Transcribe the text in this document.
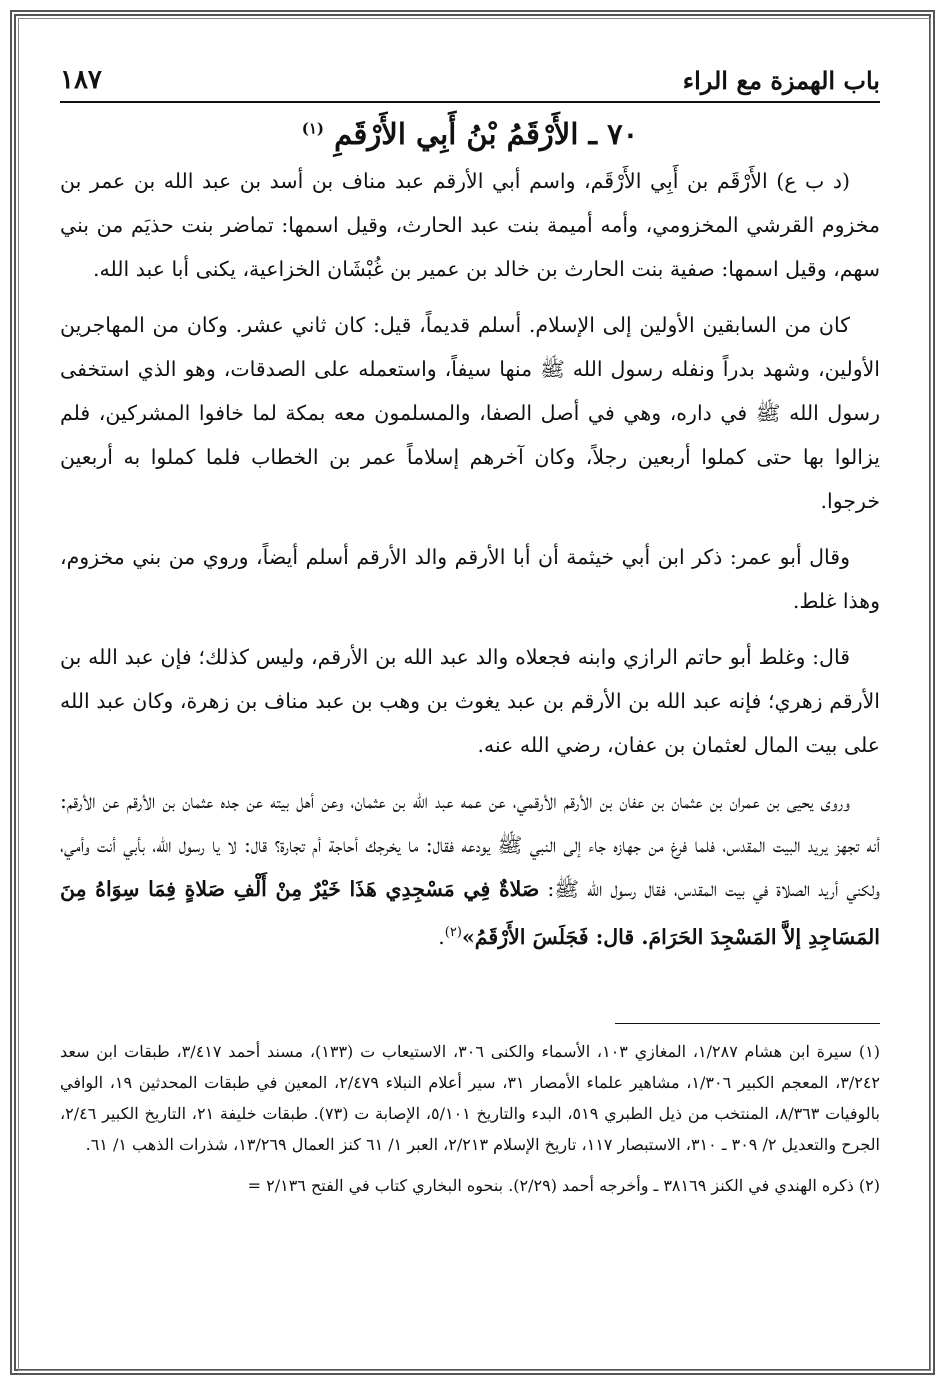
باب الهمزة مع الراء
١٨٧
٧٠ ـ الأَرْقَمُ بْنُ أَبِي الأَرْقَمِ $^{(١)}$

(د ب ع) الأَرْقَم بن أَبِي الأَرْقَم، واسم أبي الأرقم عبد مناف بن أسد بن عبد الله بن عمر بن مخزوم القرشي المخزومي، وأمه أميمة بنت عبد الحارث، وقيل اسمها: تماضر بنت حذيَم من بني سهم، وقيل اسمها: صفية بنت الحارث بن خالد بن عمير بن غُبْشَان الخزاعية، يكنى أبا عبد الله.

كان من السابقين الأولين إلى الإسلام. أسلم قديماً، قيل: كان ثاني عشر. وكان من المهاجرين الأولين، وشهد بدراً ونفله رسول الله ﷺ منها سيفاً، واستعمله على الصدقات، وهو الذي استخفى رسول الله ﷺ في داره، وهي في أصل الصفا، والمسلمون معه بمكة لما خافوا المشركين، فلم يزالوا بها حتى كملوا أربعين رجلاً، وكان آخرهم إسلاماً عمر بن الخطاب فلما كملوا به أربعين خرجوا.

وقال أبو عمر: ذكر ابن أبي خيثمة أن أبا الأرقم والد الأرقم أسلم أيضاً، وروي من بني مخزوم، وهذا غلط.

قال: وغلط أبو حاتم الرازي وابنه فجعلاه والد عبد الله بن الأرقم، وليس كذلك؛ فإن عبد الله بن الأرقم زهري؛ فإنه عبد الله بن الأرقم بن عبد يغوث بن وهب بن عبد مناف بن زهرة، وكان عبد الله على بيت المال لعثمان بن عفان، رضي الله عنه.

وروى يحيى بن عمران بن عثمان بن عفان بن الأرقم الأرقمي، عن عمه عبد الله بن عثمان، وعن أهل بيته عن جده عثمان بن الأرقم عن الأرقم: أنه تجهز يريد البيت المقدس، فلما فرغ من جهازه جاء إلى النبي ﷺ يودعه فقال: ما يخرجك أحاجة أم تجارة؟ قال: لا يا رسول الله، بأبي أنت وأمي، ولكني أريد الصلاة في بيت المقدس، فقال رسول الله ﷺ: صَلاةٌ فِي مَسْجِدِي هَذَا خَيْرٌ مِنْ أَلْفِ صَلاةٍ فِمَا سِوَاهُ مِنَ المَسَاجِدِ إلاَّ المَسْجِدَ الحَرَامَ. قال: فَجَلَسَ الأَرْقَمُ»$^{(٢)}$.

(١) سيرة ابن هشام ١/٢٨٧، المغازي ١٠٣، الأسماء والكنى ٣٠٦، الاستيعاب ت (١٣٣)، مسند أحمد ٣/٤١٧، طبقات ابن سعد ٣/٢٤٢، المعجم الكبير ١/٣٠٦، مشاهير علماء الأمصار ٣١، سير أعلام النبلاء ٢/٤٧٩، المعين في طبقات المحدثين ١٩، الوافي بالوفيات ٨/٣٦٣، المنتخب من ذيل الطبري ٥١٩، البدء والتاريخ ٥/١٠١، الإصابة ت (٧٣). طبقات خليفة ٢١، التاريخ الكبير ٢/٤٦، الجرح والتعديل ٢/ ٣٠٩ ـ ٣١٠، الاستبصار ١١٧، تاريخ الإسلام ٢/٢١٣، العبر ١/ ٦١ كنز العمال ١٣/٢٦٩، شذرات الذهب ١/ ٦١.

(٢) ذكره الهندي في الكنز ٣٨١٦٩ ـ وأخرجه أحمد (٢/٢٩). بنحوه البخاري كتاب في الفتح ٢/١٣٦ =
